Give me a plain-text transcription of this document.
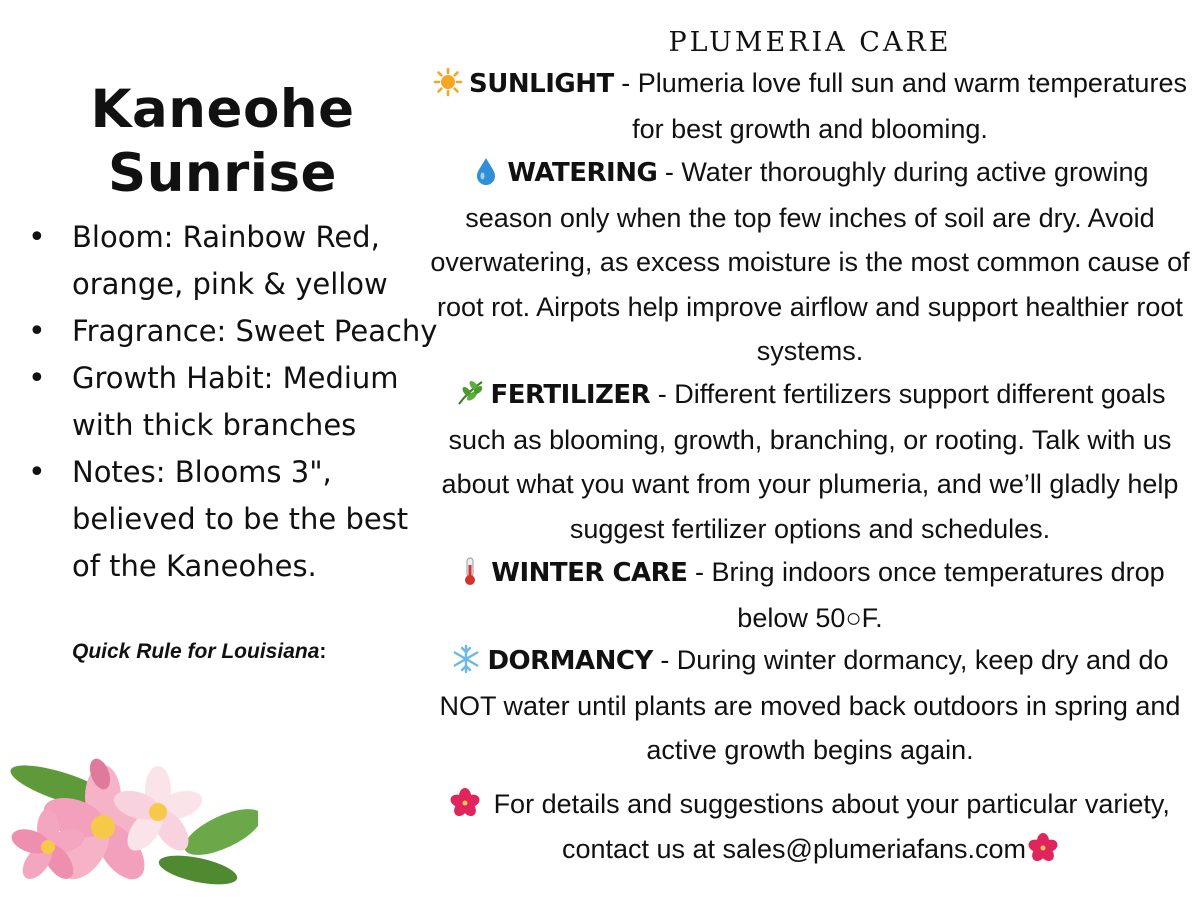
Kaneohe
Sunrise
• Bloom: Rainbow Red, orange, pink & yellow
• Fragrance: Sweet Peachy
• Growth Habit: Medium with thick branches
• Notes: Blooms 3", believed to be the best of the Kaneohes.
Quick Rule for Louisiana:
PLUMERIA CARE
SUNLIGHT - Plumeria love full sun and warm temperatures for best growth and blooming.
WATERING - Water thoroughly during active growing season only when the top few inches of soil are dry. Avoid overwatering, as excess moisture is the most common cause of root rot. Airpots help improve airflow and support healthier root systems.
FERTILIZER - Different fertilizers support different goals such as blooming, growth, branching, or rooting. Talk with us about what you want from your plumeria, and we’ll gladly help suggest fertilizer options and schedules.
WINTER CARE - Bring indoors once temperatures drop below 50○F.
DORMANCY - During winter dormancy, keep dry and do NOT water until plants are moved back outdoors in spring and active growth begins again.
For details and suggestions about your particular variety, contact us at sales@plumeriafans.com
